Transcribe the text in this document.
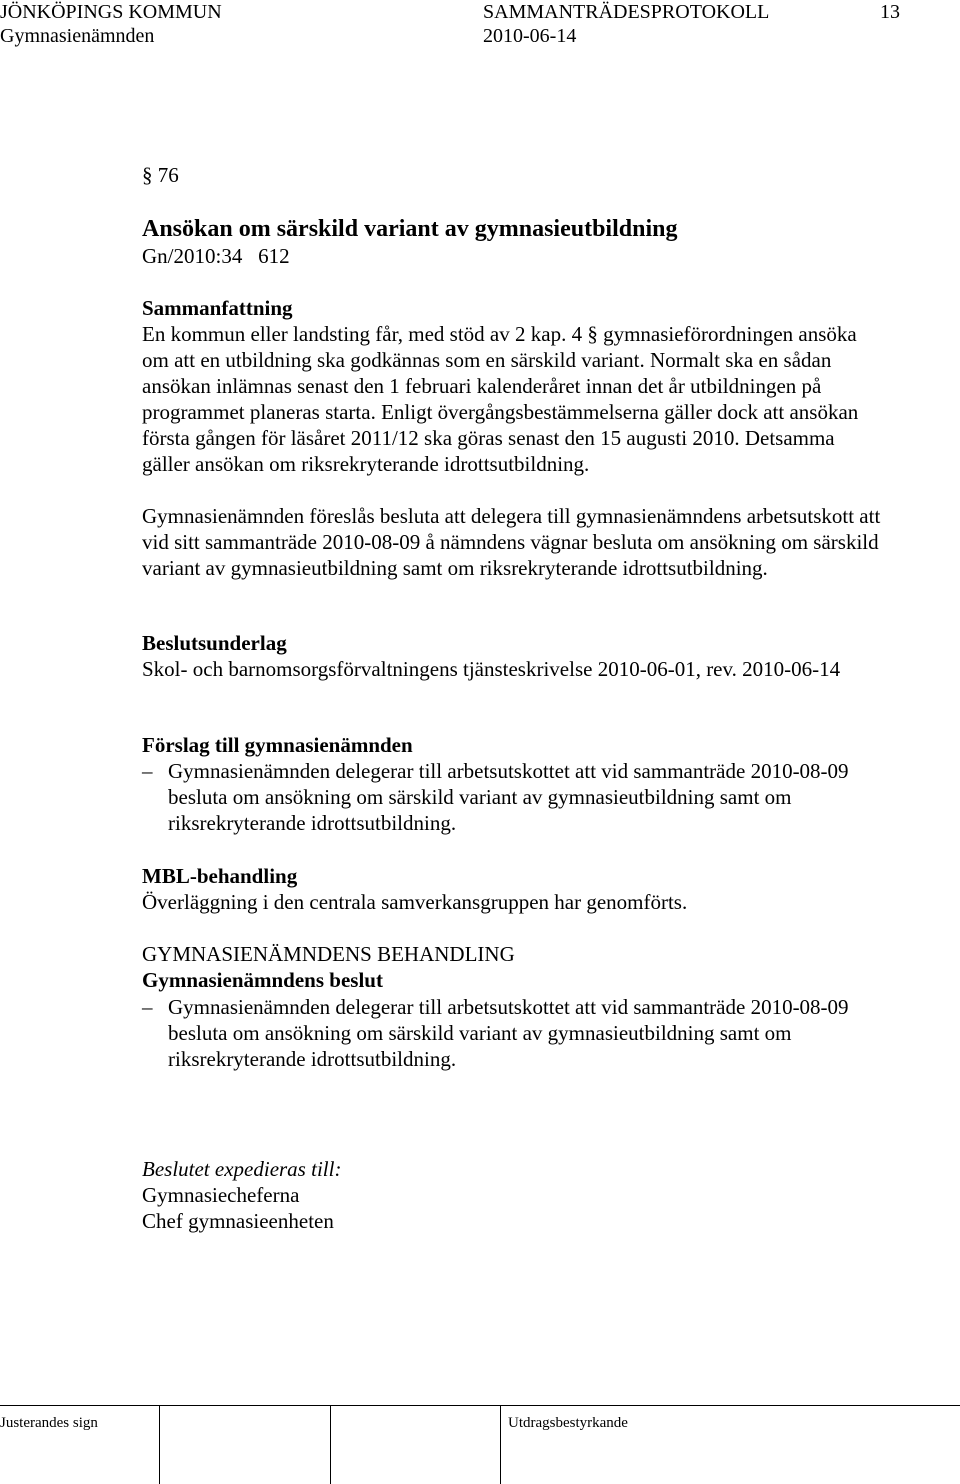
JÖNKÖPINGS KOMMUN	SAMMANTRÄDESPROTOKOLL	13
Gymnasienämnden	2010-06-14
§ 76
Ansökan om särskild variant av gymnasieutbildning
Gn/2010:34   612
Sammanfattning

En kommun eller landsting får, med stöd av 2 kap. 4 § gymnasieförordningen ansöka om att en utbildning ska godkännas som en särskild variant. Normalt ska en sådan ansökan inlämnas senast den 1 februari kalenderåret innan det år utbildningen på programmet planeras starta. Enligt övergångsbestämmelserna gäller dock att ansökan första gången för läsåret 2011/12 ska göras senast den 15 augusti 2010. Detsamma gäller ansökan om riksrekryterande idrottsutbildning.

Gymnasienämnden föreslås besluta att delegera till gymnasienämndens arbetsutskott att vid sitt sammanträde 2010-08-09 å nämndens vägnar besluta om ansökning om särskild variant av gymnasieutbildning samt om riksrekryterande idrottsutbildning.

Beslutsunderlag

Skol- och barnomsorgsförvaltningens tjänsteskrivelse 2010-06-01, rev. 2010-06-14

Förslag till gymnasienämnden
– Gymnasienämnden delegerar till arbetsutskottet att vid sammanträde 2010-08-09 besluta om ansökning om särskild variant av gymnasieutbildning samt om riksrekryterande idrottsutbildning.
MBL-behandling
Överläggning i den centrala samverkansgruppen har genomförts.
GYMNASIENÄMNDENS BEHANDLING
Gymnasienämndens beslut
– Gymnasienämnden delegerar till arbetsutskottet att vid sammanträde 2010-08-09 besluta om ansökning om särskild variant av gymnasieutbildning samt om riksrekryterande idrottsutbildning.
Beslutet expedieras till:
Gymnasiecheferna
Chef gymnasieenheten
Justerandes sign	Utdragsbestyrkande
